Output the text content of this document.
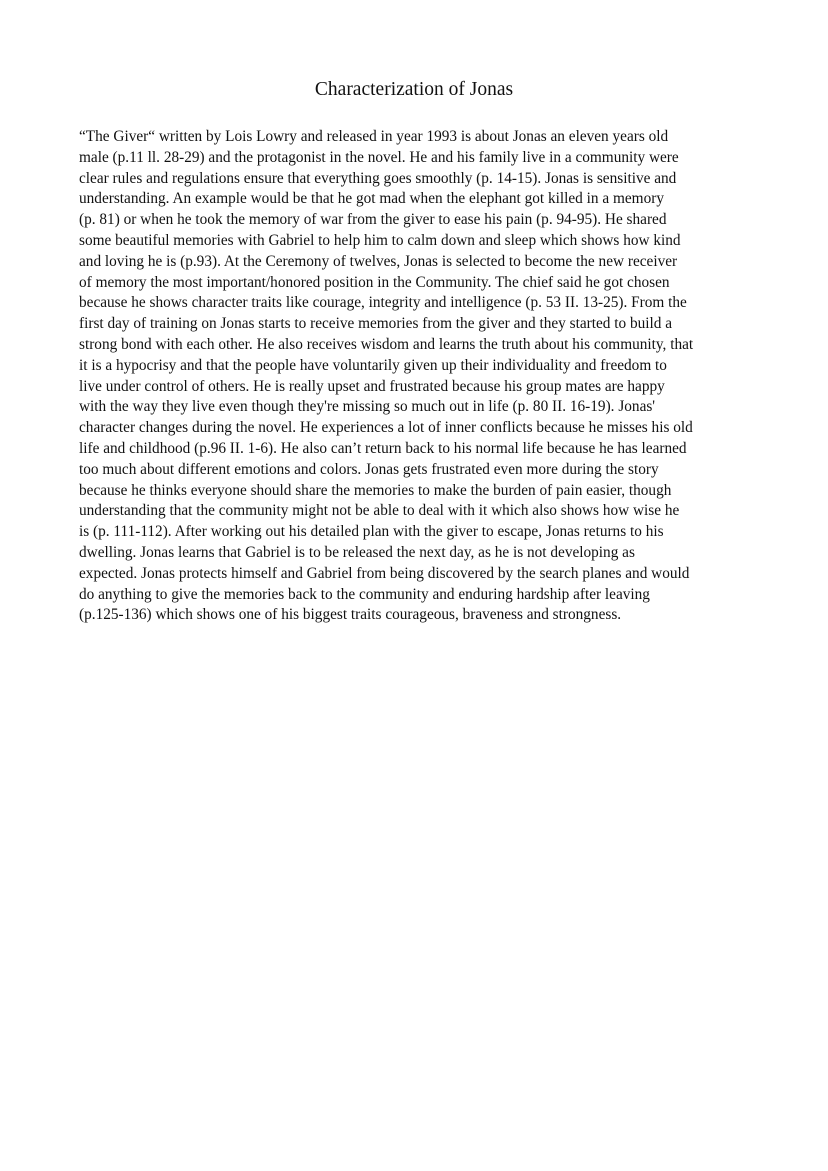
Characterization of Jonas
“The Giver“ written by Lois Lowry and released in year 1993 is about Jonas an eleven years old
male (p.11 ll. 28-29) and the protagonist in the novel. He and his family live in a community were
clear rules and regulations ensure that everything goes smoothly (p. 14-15). Jonas is sensitive and
understanding. An example would be that he got mad when the elephant got killed in a memory
(p. 81) or when he took the memory of war from the giver to ease his pain (p. 94-95). He shared
some beautiful memories with Gabriel to help him to calm down and sleep which shows how kind
and loving he is (p.93). At the Ceremony of twelves, Jonas is selected to become the new receiver
of memory the most important/honored position in the Community. The chief said he got chosen
because he shows character traits like courage, integrity and intelligence (p. 53 II. 13-25). From the
first day of training on Jonas starts to receive memories from the giver and they started to build a
strong bond with each other. He also receives wisdom and learns the truth about his community, that
it is a hypocrisy and that the people have voluntarily given up their individuality and freedom to
live under control of others. He is really upset and frustrated because his group mates are happy
with the way they live even though they're missing so much out in life (p. 80 II. 16-19). Jonas'
character changes during the novel. He experiences a lot of inner conflicts because he misses his old
life and childhood (p.96 II. 1-6). He also can’t return back to his normal life because he has learned
too much about different emotions and colors. Jonas gets frustrated even more during the story
because he thinks everyone should share the memories to make the burden of pain easier, though
understanding that the community might not be able to deal with it which also shows how wise he
is (p. 111-112). After working out his detailed plan with the giver to escape, Jonas returns to his
dwelling. Jonas learns that Gabriel is to be released the next day, as he is not developing as
expected. Jonas protects himself and Gabriel from being discovered by the search planes and would
do anything to give the memories back to the community and enduring hardship after leaving
(p.125-136) which shows one of his biggest traits courageous, braveness and strongness.
